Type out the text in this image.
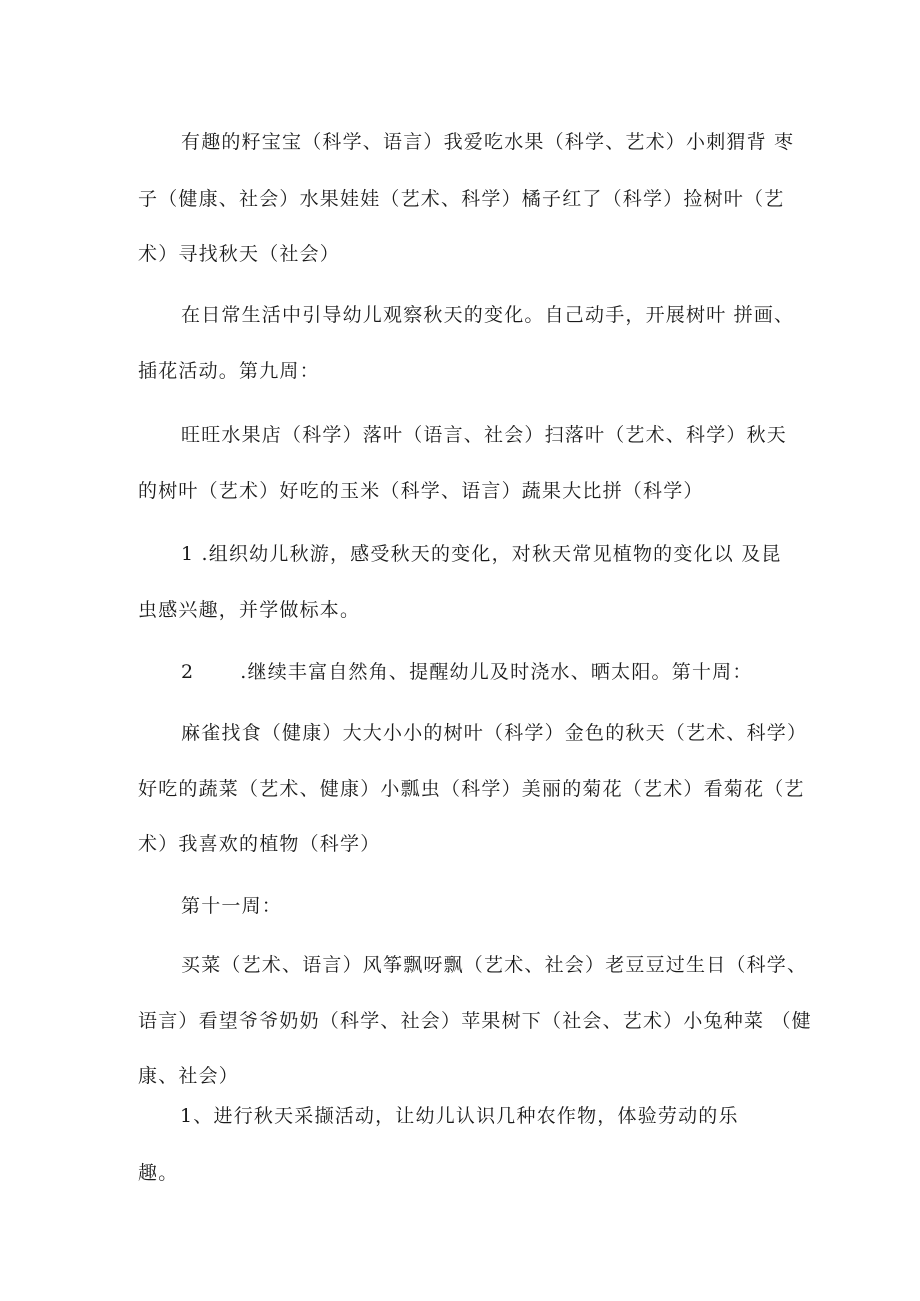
有趣的籽宝宝（科学、语言）我爱吃水果（科学、艺术）小刺猬背 枣
子（健康、社会）水果娃娃（艺术、科学）橘子红了（科学）捡树叶（艺
术）寻找秋天（社会）
在日常生活中引导幼儿观察秋天的变化。自己动手，开展树叶 拼画、
插花活动。第九周：
旺旺水果店（科学）落叶（语言、社会）扫落叶（艺术、科学）秋天
的树叶（艺术）好吃的玉米（科学、语言）蔬果大比拼（科学）
1 .组织幼儿秋游，感受秋天的变化，对秋天常见植物的变化以 及昆
虫感兴趣，并学做标本。
2 .继续丰富自然角、提醒幼儿及时浇水、晒太阳。第十周：
麻雀找食（健康）大大小小的树叶（科学）金色的秋天（艺术、科学）
好吃的蔬菜（艺术、健康）小瓢虫（科学）美丽的菊花（艺术）看菊花（艺
术）我喜欢的植物（科学）
第十一周：
买菜（艺术、语言）风筝飘呀飘（艺术、社会）老豆豆过生日（科学、
语言）看望爷爷奶奶（科学、社会）苹果树下（社会、艺术）小兔种菜 （健
康、社会）
1、进行秋天采撷活动，让幼儿认识几种农作物，体验劳动的乐
趣。
